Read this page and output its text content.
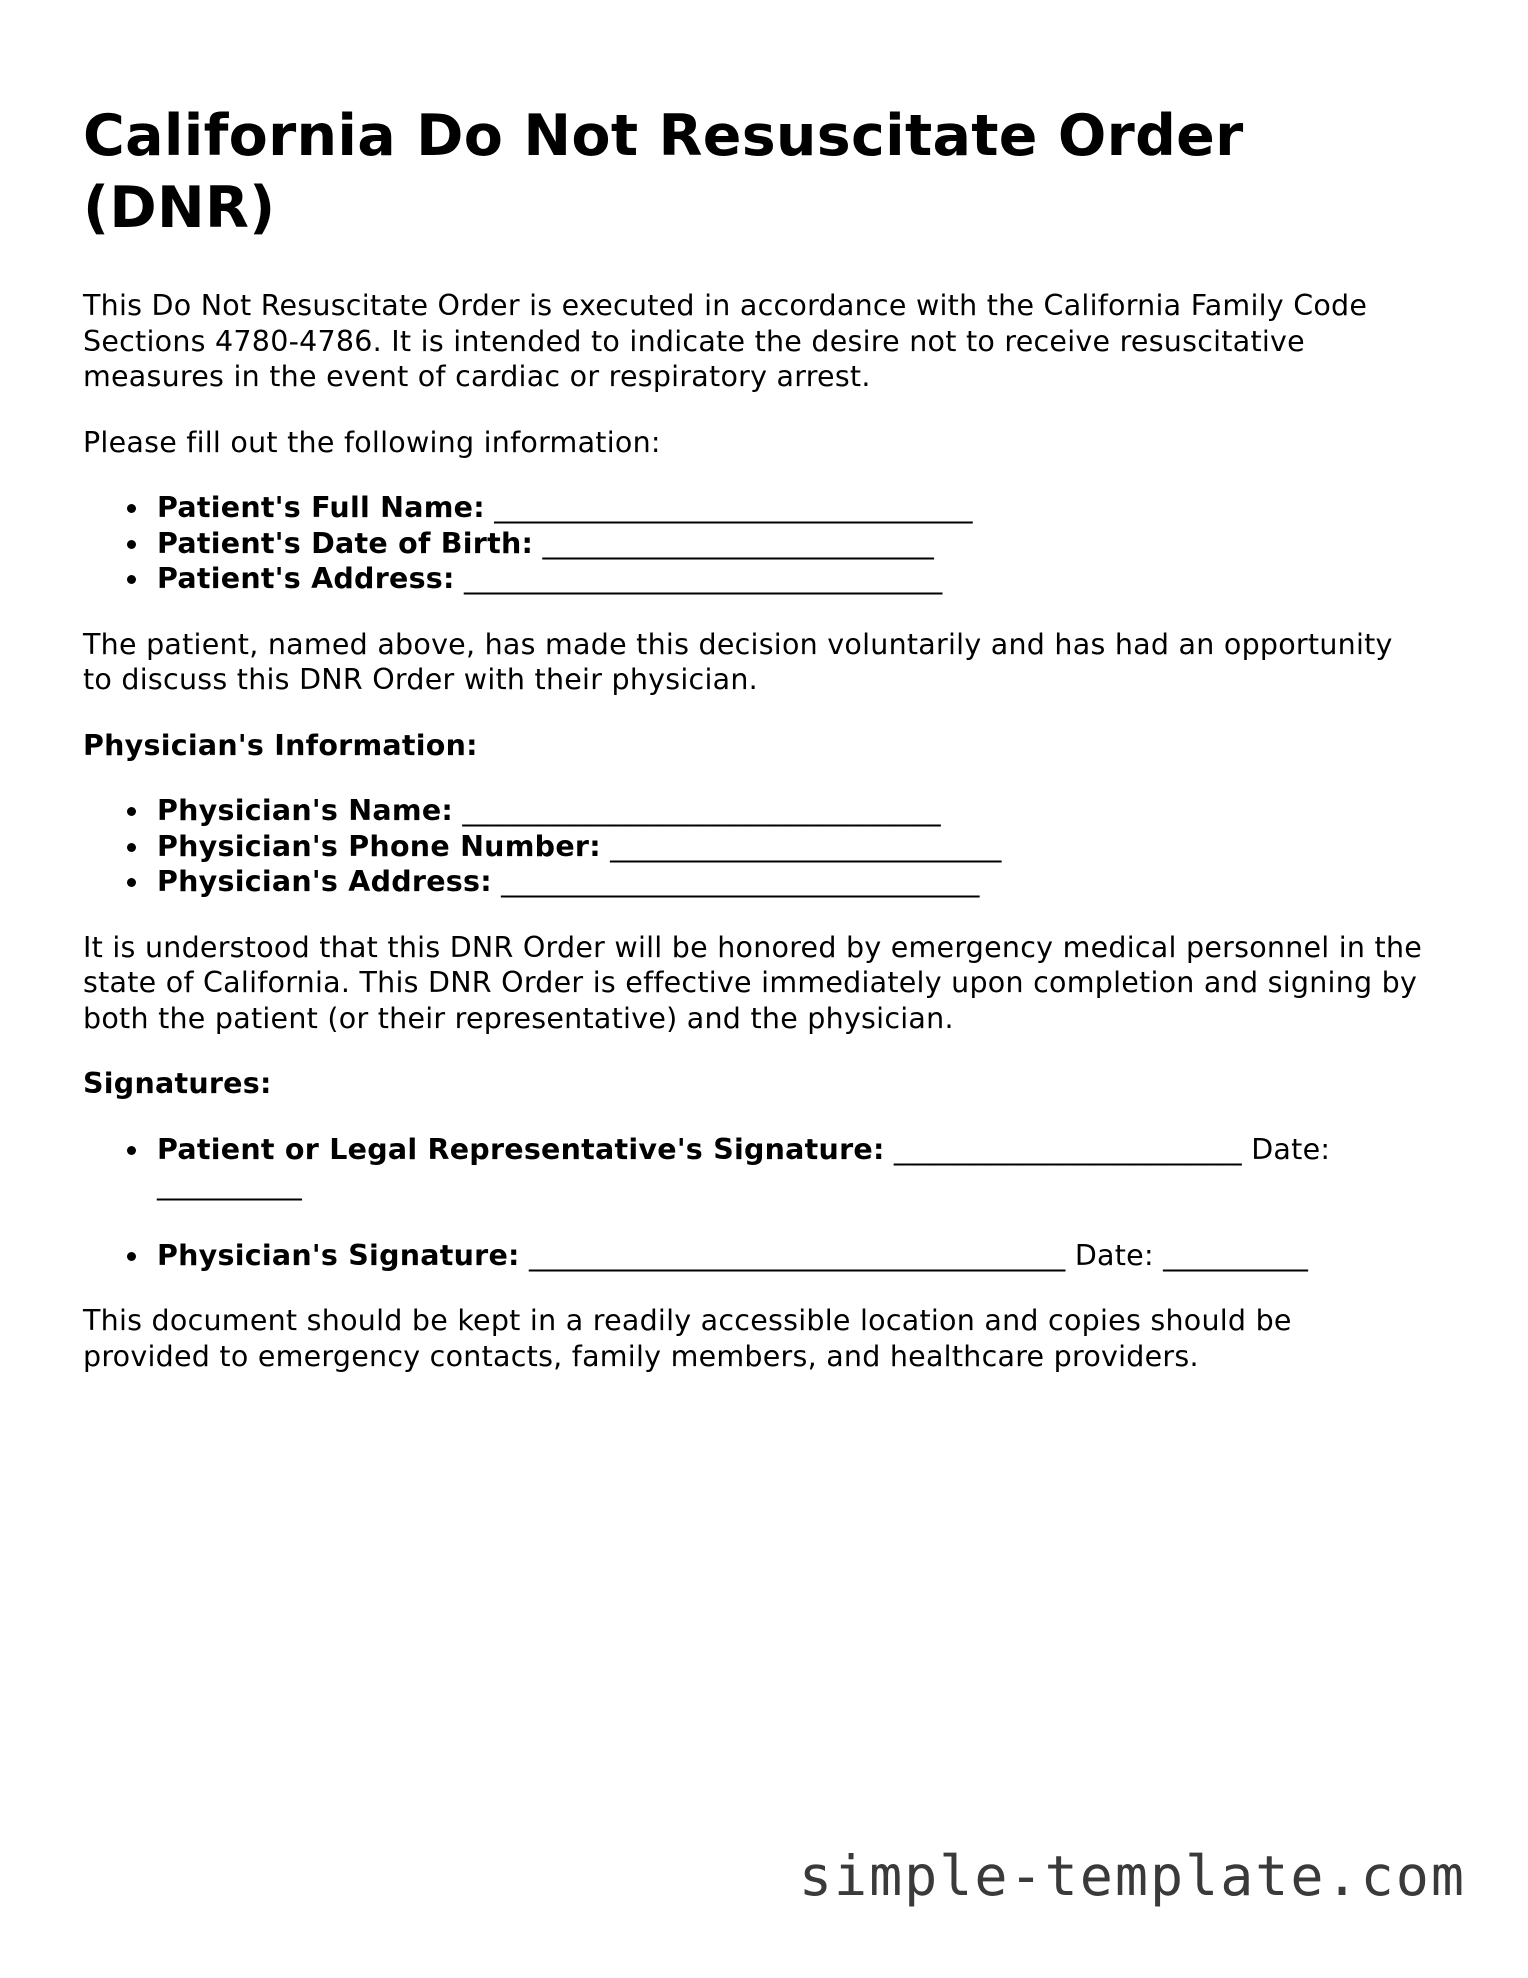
California Do Not Resuscitate Order (DNR)

This Do Not Resuscitate Order is executed in accordance with the California Family Code Sections 4780-4786. It is intended to indicate the desire not to receive resuscitative measures in the event of cardiac or respiratory arrest.

Please fill out the following information:

Patient's Full Name: _________________________________
Patient's Date of Birth: ___________________________
Patient's Address: _________________________________

The patient, named above, has made this decision voluntarily and has had an opportunity to discuss this DNR Order with their physician.

Physician's Information:

Physician's Name: _________________________________
Physician's Phone Number: ___________________________
Physician's Address: _________________________________

It is understood that this DNR Order will be honored by emergency medical personnel in the state of California. This DNR Order is effective immediately upon completion and signing by both the patient (or their representative) and the physician.

Signatures:

Patient or Legal Representative's Signature: ________________________ Date: __________
Physician's Signature: _____________________________________ Date: __________

This document should be kept in a readily accessible location and copies should be provided to emergency contacts, family members, and healthcare providers.

simple-template.com
